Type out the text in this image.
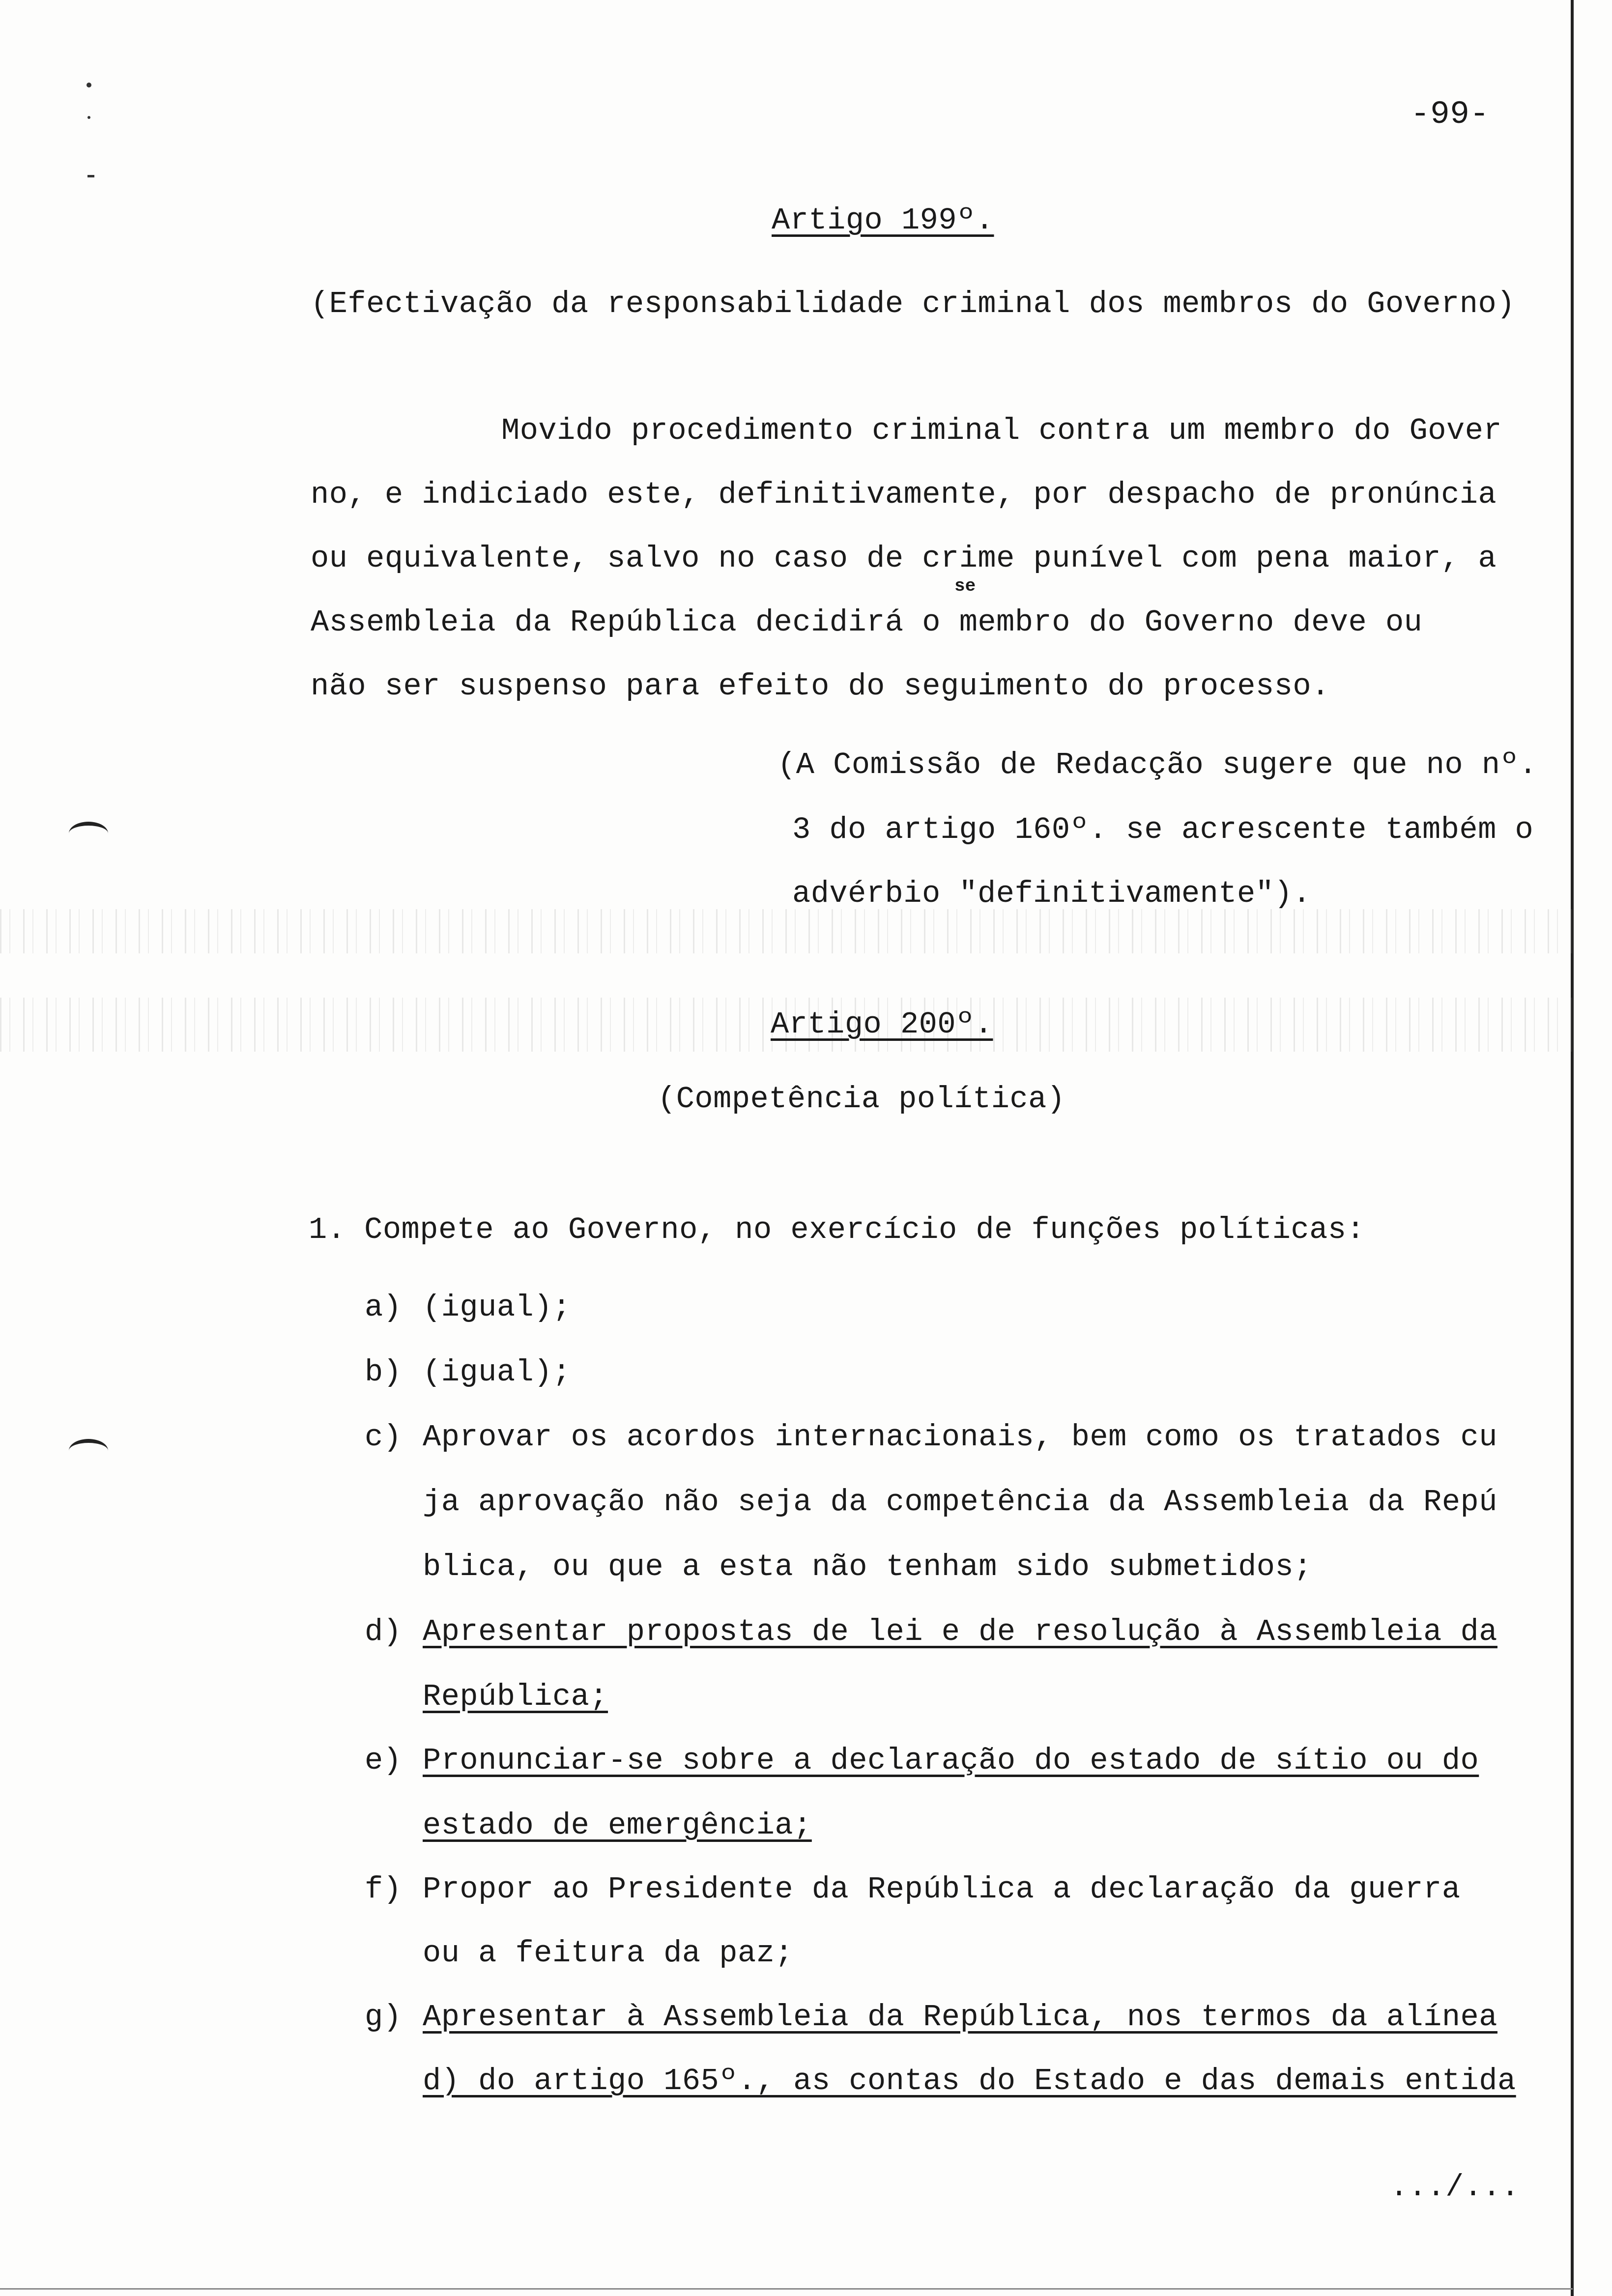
-99-
Artigo 199º.
(Efectivação da responsabilidade criminal dos membros do Governo)
Movido procedimento criminal contra um membro do Gover
no, e indiciado este, definitivamente, por despacho de pronúncia
ou equivalente, salvo no caso de crime punível com pena maior, a
se
Assembleia da República decidirá o membro do Governo deve ou
não ser suspenso para efeito do seguimento do processo.
(A Comissão de Redacção sugere que no nº.
3 do artigo 160º. se acrescente também o
advérbio "definitivamente").
Artigo 200º.
(Competência política)
1. Compete ao Governo, no exercício de funções políticas:
a) (igual);
b) (igual);
c) Aprovar os acordos internacionais, bem como os tratados cu
ja aprovação não seja da competência da Assembleia da Repú
blica, ou que a esta não tenham sido submetidos;
d) Apresentar propostas de lei e de resolução à Assembleia da
República;
e) Pronunciar-se sobre a declaração do estado de sítio ou do
estado de emergência;
f) Propor ao Presidente da República a declaração da guerra
ou a feitura da paz;
g) Apresentar à Assembleia da República, nos termos da alínea
d) do artigo 165º., as contas do Estado e das demais entida
.../...
